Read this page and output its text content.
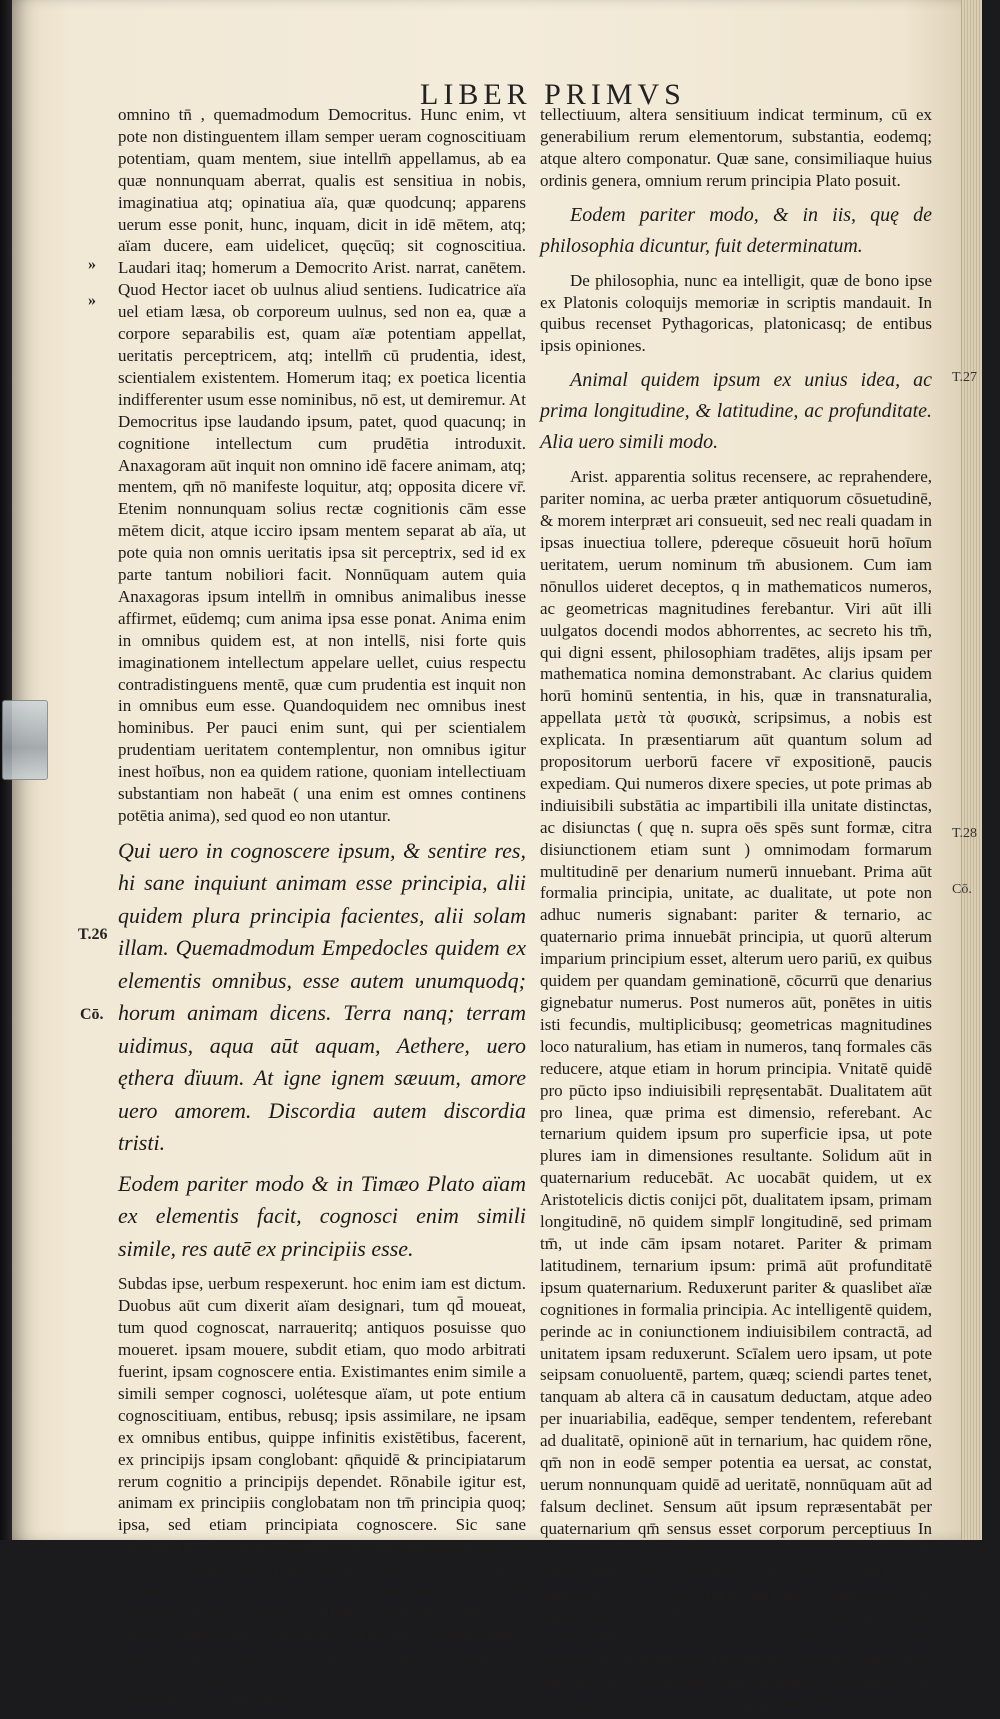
LIBER PRIMVS
»
»
T.26
Cō.
T.27
T.28
Cō.

omnino tn̄ , quemadmodum Democritus. Hunc enim, vt pote non distinguentem illam semper ueram cognoscitiuam potentiam, quam mentem, siue intellm̄ appellamus, ab ea quæ nonnunquam aberrat, qualis est sensitiua in nobis, imaginatiua atq; opinatiua aïa, quæ quodcunq; apparens uerum esse ponit, hunc, inquam, dicit in idē mētem, atq; aïam ducere, eam uidelicet, quęcūq; sit cognoscitiua. Laudari itaq; homerum a Democrito Arist. narrat, canētem. Quod Hector iacet ob uulnus aliud sentiens. Iudicatrice aïa uel etiam læsa, ob corporeum uulnus, sed non ea, quæ a corpore separabilis est, quam aïæ potentiam appellat, ueritatis perceptricem, atq; intellm̄ cū prudentia, idest, scientialem existentem. Homerum itaq; ex poetica licentia indifferenter usum esse nominibus, nō est, ut demiremur. At Democritus ipse laudando ipsum, patet, quod quacunq; in cognitione intellectum cum prudētia introduxit. Anaxagoram aūt inquit non omnino idē facere animam, atq; mentem, qm̄ nō manifeste loquitur, atq; opposita dicere vr̄. Etenim nonnunquam solius rectæ cognitionis cām esse mētem dicit, atque icciro ipsam mentem separat ab aïa, ut pote quia non omnis ueritatis ipsa sit perceptrix, sed id ex parte tantum nobiliori facit. Nonnūquam autem quia Anaxagoras ipsum intellm̄ in omnibus animalibus inesse affirmet, eūdemq; cum anima ipsa esse ponat. Anima enim in omnibus quidem est, at non intells̄, nisi forte quis imaginationem intellectum appelare uellet, cuius respectu contradistinguens mentē, quæ cum prudentia est inquit non in omnibus eum esse. Quandoquidem nec omnibus inest hominibus. Per pauci enim sunt, qui per scientialem prudentiam ueritatem contemplentur, non omnibus igitur inest hoībus, non ea quidem ratione, quoniam intellectiuam substantiam non habeāt ( una enim est omnes continens potētia anima), sed quod eo non utantur.

Qui uero in cognoscere ipsum, & sentire res, hi sane inquiunt animam esse principia, alii quidem plura principia facientes, alii solam illam. Quemadmodum Empedocles quidem ex elementis omnibus, esse autem unumquodq; horum animam dicens. Terra nanq; terram uidimus, aqua aūt aquam, Aethere, uero ęthera dïuum. At igne ignem sæuum, amore uero amorem. Discordia autem discordia tristi.

Eodem pariter modo & in Timæo Plato aïam ex elementis facit, cognosci enim simili simile, res autē ex principiis esse.

Subdas ipse, uerbum respexerunt. hoc enim iam est dictum. Duobus aūt cum dixerit aïam designari, tum qd̄ moueat, tum quod cognoscat, narraueritq; antiquos posuisse quo moueret. ipsam mouere, subdit etiam, quo modo arbitrati fuerint, ipsam cognoscere entia. Existimantes enim simile a simili semper cognosci, uolétesque aïam, ut pote entium cognoscitiuam, entibus, rebusq; ipsis assimilare, ne ipsam ex omnibus entibus, quippe infinitis existētibus, facerent, ex principijs ipsam conglobant: qn̄quidē & principiatarum rerum cognitio a principijs dependet. Rōnabile igitur est, animam ex principiis conglobatam non tm̄ principia quoq; ipsa, sed etiam principiata cognoscere. Sic sane Empedocles ex quatuor elementis ipsam contexebat, atq; ex motiuis duobus principijs, amicitia, scilicet, & discordia: neque modo solum anima esse mixtionem ex omnibus illis dicebat principijs, sed & quodlibet principium, cum ualeat simile cognoscere. Cuiuslibet enim rei cognoscitiuum, dicebat animam esse. Plato aūt in Timeo ex indiuisibili substantia, eaque, quæ circa corpora compartita est, aïam cōponebat. Quarum altera in-

tellectiuum, altera sensitiuum indicat terminum, cū ex generabilium rerum elementorum, substantia, eodemq; atque altero componatur. Quæ sane, consimiliaque huius ordinis genera, omnium rerum principia Plato posuit.

Eodem pariter modo, & in iis, quę de philosophia dicuntur, fuit determinatum.

De philosophia, nunc ea intelligit, quæ de bono ipse ex Platonis coloquijs memoriæ in scriptis mandauit. In quibus recenset Pythagoricas, platonicasq; de entibus ipsis opiniones.

Animal quidem ipsum ex unius idea, ac prima longitudine, & latitudine, ac profunditate. Alia uero simili modo.

Arist. apparentia solitus recensere, ac reprahendere, pariter nomina, ac uerba præter antiquorum cōsuetudinē, & morem interpræt ari consueuit, sed nec reali quadam in ipsas inuectiua tollere, pdereque cōsueuit horū hoīum ueritatem, uerum nominum tm̄ abusionem. Cum iam nōnullos uideret deceptos, q in mathematicos numeros, ac geometricas magnitudines ferebantur. Viri aūt illi uulgatos docendi modos abhorrentes, ac secreto his tm̄, qui digni essent, philosophiam tradētes, alijs ipsam per mathematica nomina demonstrabant. Ac clarius quidem horū hominū sententia, in his, quæ in transnaturalia, appellata μετὰ τὰ φυσικὰ, scripsimus, a nobis est explicata. In præsentiarum aūt quantum solum ad propositorum uerborū facere vr̄ expositionē, paucis expediam. Qui numeros dixere species, ut pote primas ab indiuisibili substātia ac impartibili illa unitate distinctas, ac disiunctas ( quę n. supra oēs spēs sunt formæ, citra disiunctionem etiam sunt ) omnimodam formarum multitudinē per denarium numerū innuebant. Prima aūt formalia principia, unitate, ac dualitate, ut pote non adhuc numeris signabant: pariter & ternario, ac quaternario prima innuebāt principia, ut quorū alterum imparium principium esset, alterum uero pariū, ex quibus quidem per quandam geminationē, cōcurrū que denarius gignebatur numerus. Post numeros aūt, ponētes in uitis isti fecundis, multiplicibusq; geometricas magnitudines loco naturalium, has etiam in numeros, tanq formales cās reducere, atque etiam in horum principia. Vnitatē quidē pro pūcto ipso indiuisibili repręsentabāt. Dualitatem aūt pro linea, quæ prima est dimensio, referebant. Ac ternarium quidem ipsum pro superficie ipsa, ut pote plures iam in dimensiones resultante. Solidum aūt in quaternarium reducebāt. Ac uocabāt quidem, ut ex Aristotelicis dictis conijci pōt, dualitatem ipsam, primam longitudinē, nō quidem simplr̄ longitudinē, sed primam tm̄, ut inde cām ipsam notaret. Pariter & primam latitudinem, ternarium ipsum: primā aūt profunditatē ipsum quaternarium. Reduxerunt pariter & quaslibet aïæ cognitiones in formalia principia. Ac intelligentē quidem, perinde ac in coniunctionem indiuisibilem contractā, ad unitatem ipsam reduxerunt. Scīalem uero ipsam, ut pote seipsam conuoluentē, partem, quæq; sciendi partes tenet, tanquam ab altera cā in causatum deductam, atque adeo per inuariabilia, eadēque, semper tendentem, referebant ad dualitatē, opinionē aūt in ternarium, hac quidem rōne, qm̄ non in eodē semper potentia ea uersat, ac constat, uerum nonnunquam quidē ad ueritatē, nonnūquam aūt ad falsum declinet. Sensum aūt ipsum repræsentabāt per quaternarium qm̄ sensus esset corporum perceptiuus In dualitate. n. unam tm̄ ab altera ad alteram unitatē, dimēsionem esse dicebant, in ternario, duas, ex quacunque ad alias duas unitates respiciendo. In quaternario treis. Reducebant ergo ad principia, tum cognoscibilia quæque, idest Entia, tum horum cognoscitiuas potentias. Diuidebant præterea Entia ipsa, non sećd'm latitudinem, sed secūdum profunditatē, in intelligibilia, scibilia opinabilia, ac sensibilia,
